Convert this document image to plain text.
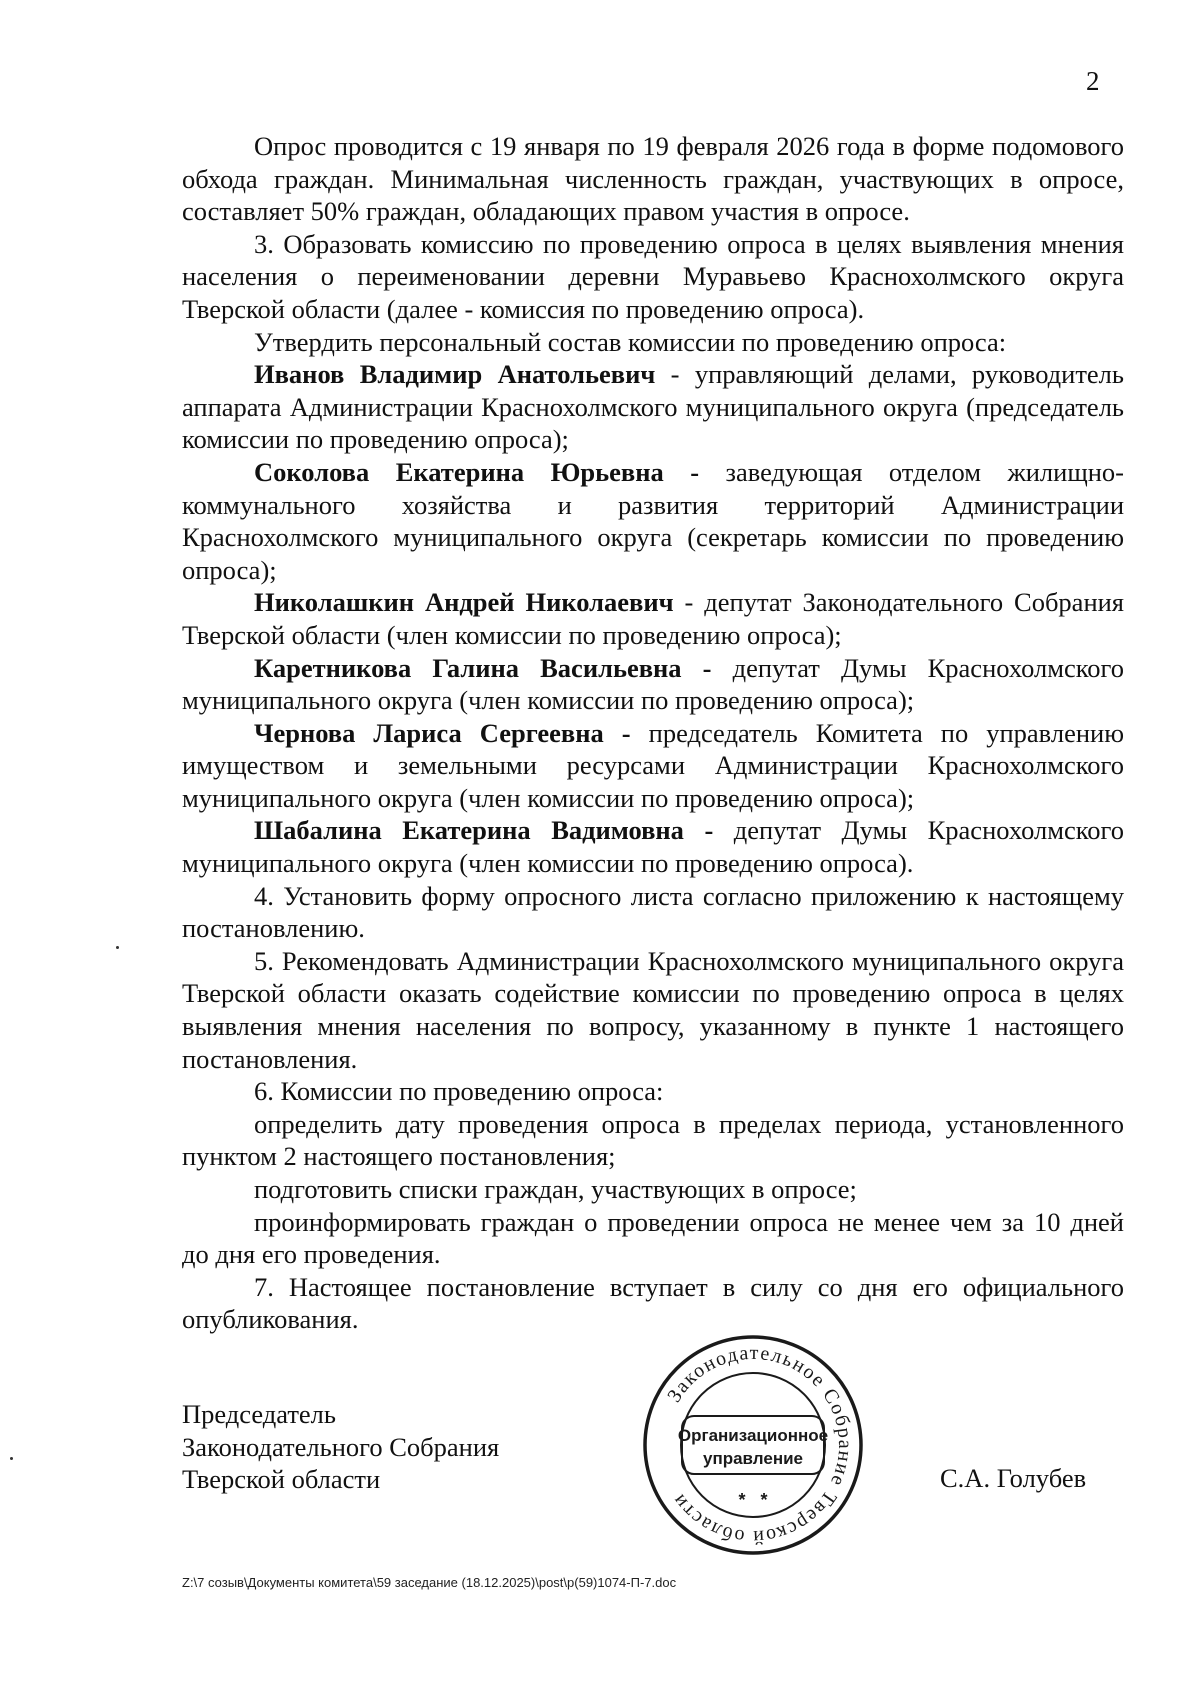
2

Опрос проводится с 19 января по 19 февраля 2026 года в форме подомового обхода граждан. Минимальная численность граждан, участвующих в опросе, составляет 50% граждан, обладающих правом участия в опросе.

3. Образовать комиссию по проведению опроса в целях выявления мнения населения о переименовании деревни Муравьево Краснохолмского округа Тверской области (далее - комиссия по проведению опроса).

Утвердить персональный состав комиссии по проведению опроса:

Иванов Владимир Анатольевич - управляющий делами, руководитель аппарата Администрации Краснохолмского муниципального округа (председатель комиссии по проведению опроса);

Соколова Екатерина Юрьевна - заведующая отделом жилищно-коммунального хозяйства и развития территорий Администрации Краснохолмского муниципального округа (секретарь комиссии по проведению опроса);

Николашкин Андрей Николаевич - депутат Законодательного Собрания Тверской области (член комиссии по проведению опроса);

Каретникова Галина Васильевна - депутат Думы Краснохолмского муниципального округа (член комиссии по проведению опроса);

Чернова Лариса Сергеевна - председатель Комитета по управлению имуществом и земельными ресурсами Администрации Краснохолмского муниципального округа (член комиссии по проведению опроса);

Шабалина Екатерина Вадимовна - депутат Думы Краснохолмского муниципального округа (член комиссии по проведению опроса).

4. Установить форму опросного листа согласно приложению к настоящему постановлению.

5. Рекомендовать Администрации Краснохолмского муниципального округа Тверской области оказать содействие комиссии по проведению опроса в целях выявления мнения населения по вопросу, указанному в пункте 1 настоящего постановления.

6. Комиссии по проведению опроса:

определить дату проведения опроса в пределах периода, установленного пунктом 2 настоящего постановления;

подготовить списки граждан, участвующих в опросе;

проинформировать граждан о проведении опроса не менее чем за 10 дней до дня его проведения.

7. Настоящее постановление вступает в силу со дня его официального опубликования.

Председатель
Законодательного Собрания
Тверской области	С.А. Голубев
Законодательное Собрание Тверской области
Организационное
управление
*   *
Z:\7 созыв\Документы комитета\59 заседание (18.12.2025)\post\p(59)1074-П-7.doc
